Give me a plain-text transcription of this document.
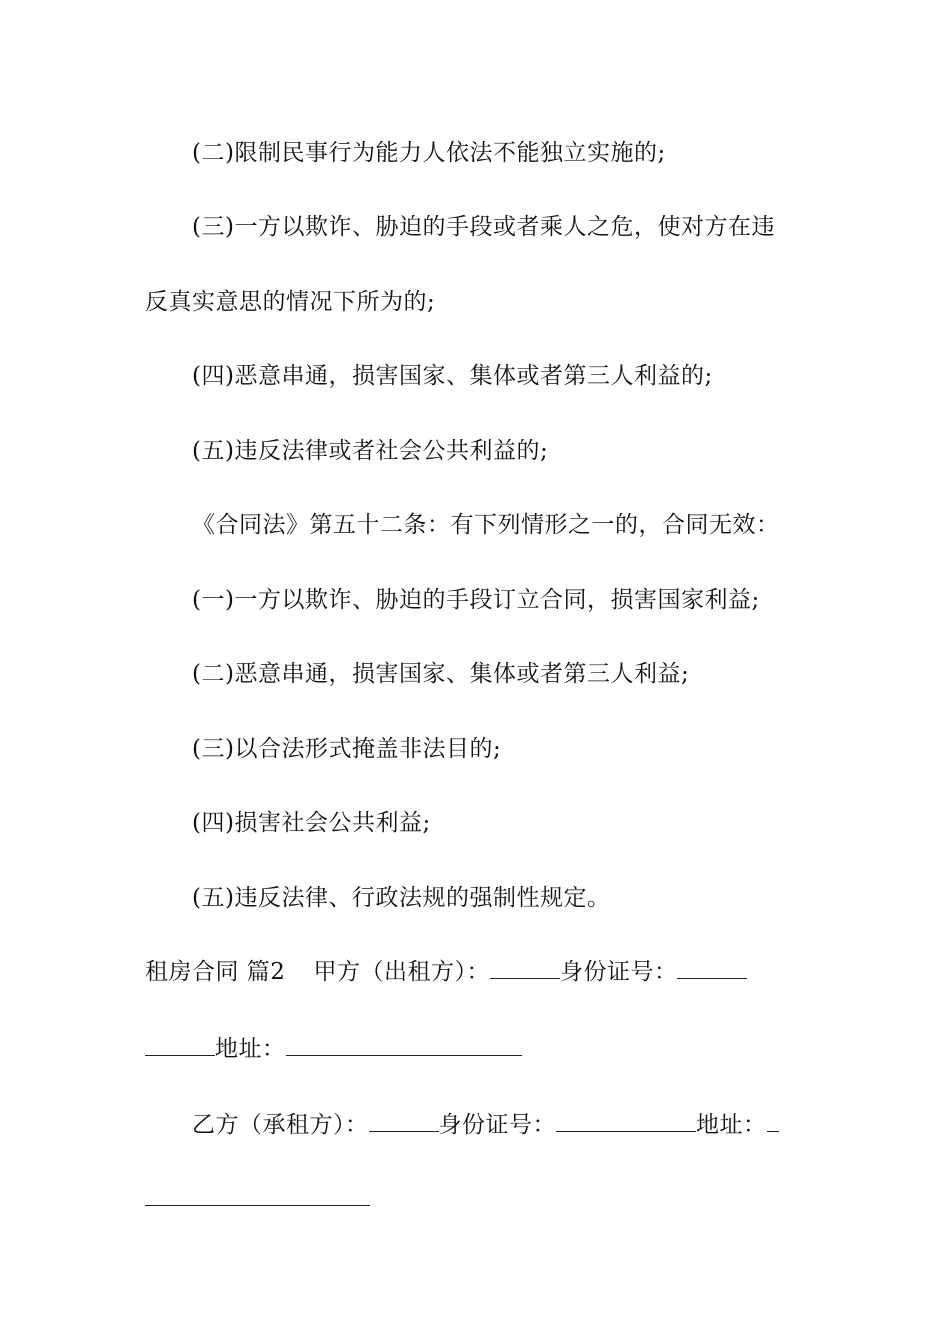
(二)限制民事行为能力人依法不能独立实施的;
(三)一方以欺诈、胁迫的手段或者乘人之危，使对方在违
反真实意思的情况下所为的;
(四)恶意串通，损害国家、集体或者第三人利益的;
(五)违反法律或者社会公共利益的;
《合同法》第五十二条：有下列情形之一的，合同无效：
(一)一方以欺诈、胁迫的手段订立合同，损害国家利益;
(二)恶意串通，损害国家、集体或者第三人利益;
(三)以合法形式掩盖非法目的;
(四)损害社会公共利益;
(五)违反法律、行政法规的强制性规定。
租房合同 篇2 甲方（出租方）：	身份证号：
地址：
乙方（承租方）：	身份证号：	地址：
